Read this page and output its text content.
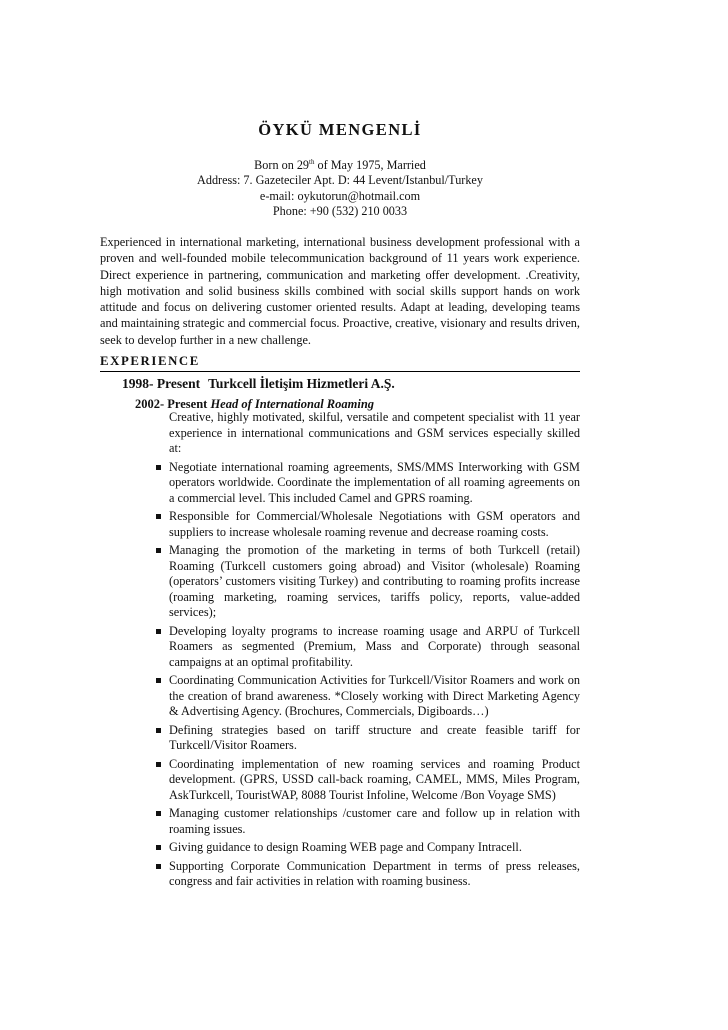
ÖYKÜ MENGENLİ
Born on 29th of May 1975, Married
Address: 7. Gazeteciler Apt. D: 44 Levent/Istanbul/Turkey
e-mail: oykutorun@hotmail.com
Phone: +90 (532) 210 0033
Experienced in international marketing, international business development professional with a proven and well-founded mobile telecommunication background of 11 years work experience. Direct experience in partnering, communication and marketing offer development. .Creativity, high motivation and solid business skills combined with social skills support hands on work attitude and focus on delivering customer oriented results. Adapt at leading, developing teams and maintaining strategic and commercial focus. Proactive, creative, visionary and results driven, seek to develop further in a new challenge.
EXPERIENCE
1998- Present Turkcell İletişim Hizmetleri A.Ş.
2002- Present Head of International Roaming
Creative, highly motivated, skilful, versatile and competent specialist with 11 year experience in international communications and GSM services especially skilled at:
Negotiate international roaming agreements, SMS/MMS Interworking with GSM operators worldwide. Coordinate the implementation of all roaming agreements on a commercial level. This included Camel and GPRS roaming.
Responsible for Commercial/Wholesale Negotiations with GSM operators and suppliers to increase wholesale roaming revenue and decrease roaming costs.
Managing the promotion of the marketing in terms of both Turkcell (retail) Roaming (Turkcell customers going abroad) and Visitor (wholesale) Roaming (operators’ customers visiting Turkey) and contributing to roaming profits increase (roaming marketing, roaming services, tariffs policy, reports, value-added services);
Developing loyalty programs to increase roaming usage and ARPU of Turkcell Roamers as segmented (Premium, Mass and Corporate) through seasonal campaigns at an optimal profitability.
Coordinating Communication Activities for Turkcell/Visitor Roamers and work on the creation of brand awareness. *Closely working with Direct Marketing Agency & Advertising Agency. (Brochures, Commercials, Digiboards…)
Defining strategies based on tariff structure and create feasible tariff for Turkcell/Visitor Roamers.
Coordinating implementation of new roaming services and roaming Product development. (GPRS, USSD call-back roaming, CAMEL, MMS, Miles Program, AskTurkcell, TouristWAP, 8088 Tourist Infoline, Welcome /Bon Voyage SMS)
Managing customer relationships /customer care and follow up in relation with roaming issues.
Giving guidance to design Roaming WEB page and Company Intracell.
Supporting Corporate Communication Department in terms of press releases, congress and fair activities in relation with roaming business.
